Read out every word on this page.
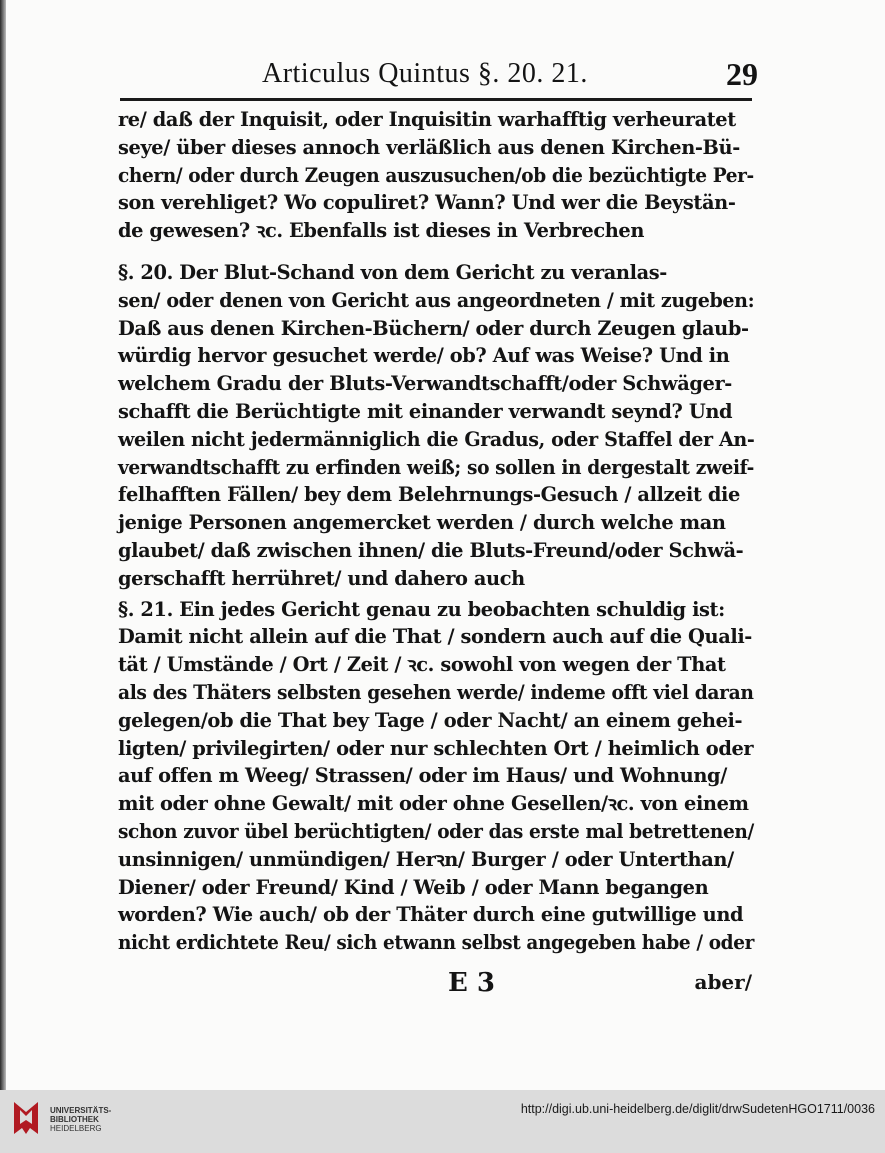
Articulus Quintus §. 20. 21.	29
re/ daß der Inquisit, oder Inquisitin warhafftig verheuratet
seye/ über dieses annoch verläßlich aus denen Kirchen-Bü-
chern/ oder durch Zeugen auszusuchen/ob die bezüchtigte Per-
son verehliget? Wo copuliret? Wann? Und wer die Beystän-
de gewesen? ꝛc. Ebenfalls ist dieses in Verbrechen
§. 20. Der Blut-Schand von dem Gericht zu veranlas-
sen/ oder denen von Gericht aus angeordneten / mit zugeben:
Daß aus denen Kirchen-Büchern/ oder durch Zeugen glaub-
würdig hervor gesuchet werde/ ob? Auf was Weise? Und in
welchem Gradu der Bluts-Verwandtschafft/oder Schwäger-
schafft die Berüchtigte mit einander verwandt seynd? Und
weilen nicht jedermänniglich die Gradus, oder Staffel der An-
verwandtschafft zu erfinden weiß; so sollen in dergestalt zweif-
felhafften Fällen/ bey dem Belehrnungs-Gesuch / allzeit die
jenige Personen angemercket werden / durch welche man
glaubet/ daß zwischen ihnen/ die Bluts-Freund/oder Schwä-
gerschafft herrühret/ und dahero auch
§. 21. Ein jedes Gericht genau zu beobachten schuldig ist:
Damit nicht allein auf die That / sondern auch auf die Quali-
tät / Umstände / Ort / Zeit / ꝛc. sowohl von wegen der That
als des Thäters selbsten gesehen werde/ indeme offt viel daran
gelegen/ob die That bey Tage / oder Nacht/ an einem gehei-
ligten/ privilegirten/ oder nur schlechten Ort / heimlich oder
auf offen m Weeg/ Strassen/ oder im Haus/ und Wohnung/
mit oder ohne Gewalt/ mit oder ohne Gesellen/ꝛc. von einem
schon zuvor übel berüchtigten/ oder das erste mal betrettenen/
unsinnigen/ unmündigen/ Herꝛn/ Burger / oder Unterthan/
Diener/ oder Freund/ Kind / Weib / oder Mann begangen
worden? Wie auch/ ob der Thäter durch eine gutwillige und
nicht erdichtete Reu/ sich etwann selbst angegeben habe / oder
E 3	aber/
UNIVERSITÄTS-
BIBLIOTHEK
HEIDELBERG
http://digi.ub.uni-heidelberg.de/diglit/drwSudetenHGO1711/0036
